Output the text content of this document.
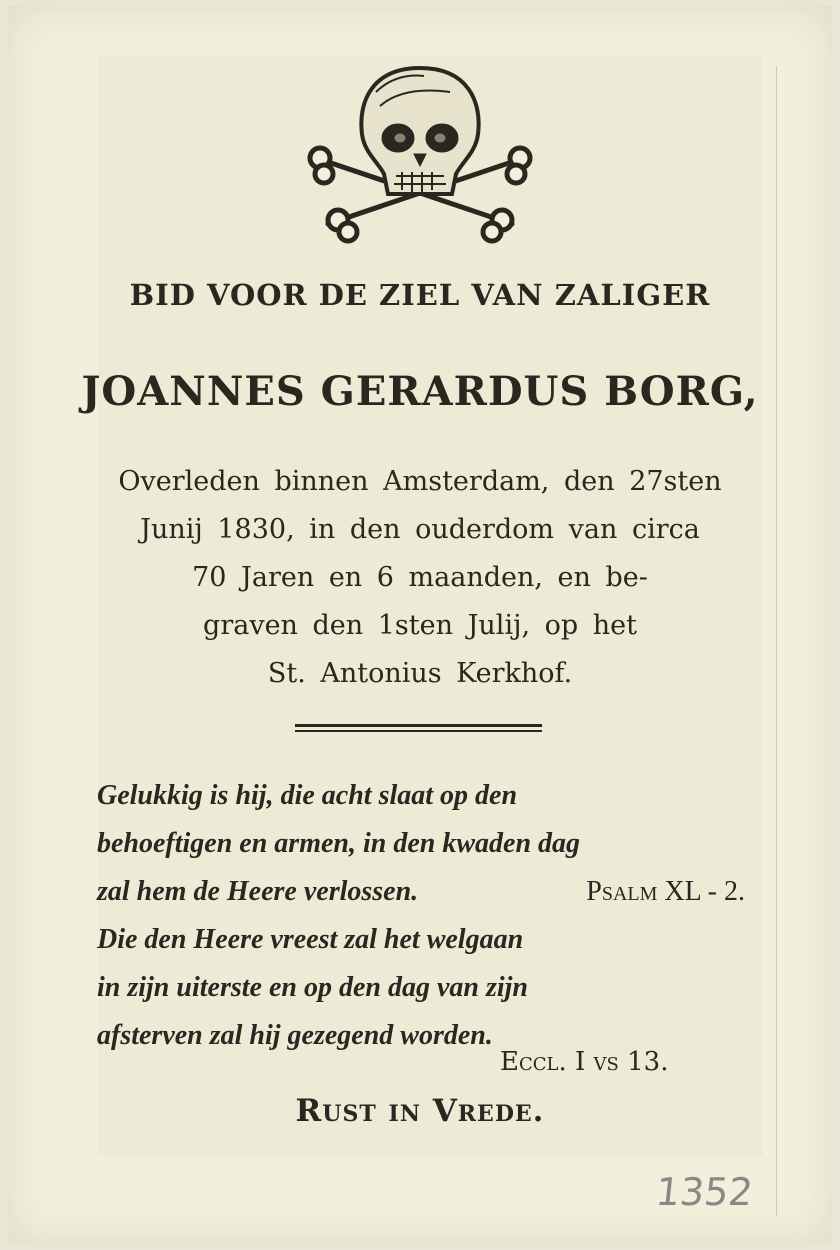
BID VOOR DE ZIEL VAN ZALIGER
JOANNES GERARDUS BORG,
Overleden binnen Amsterdam, den 27sten
Junij 1830, in den ouderdom van circa
70 Jaren en 6 maanden, en be-
graven den 1sten Julij, op het
St. Antonius Kerkhof.
Gelukkig is hij, die acht slaat op den
behoeftigen en armen, in den kwaden dag
zal hem de Heere verlossen.	Psalm XL - 2.
Die den Heere vreest zal het welgaan
in zijn uiterste en op den dag van zijn
afsterven zal hij gezegend worden.
Eccl. I vs 13.
Rust in Vrede.
1352
